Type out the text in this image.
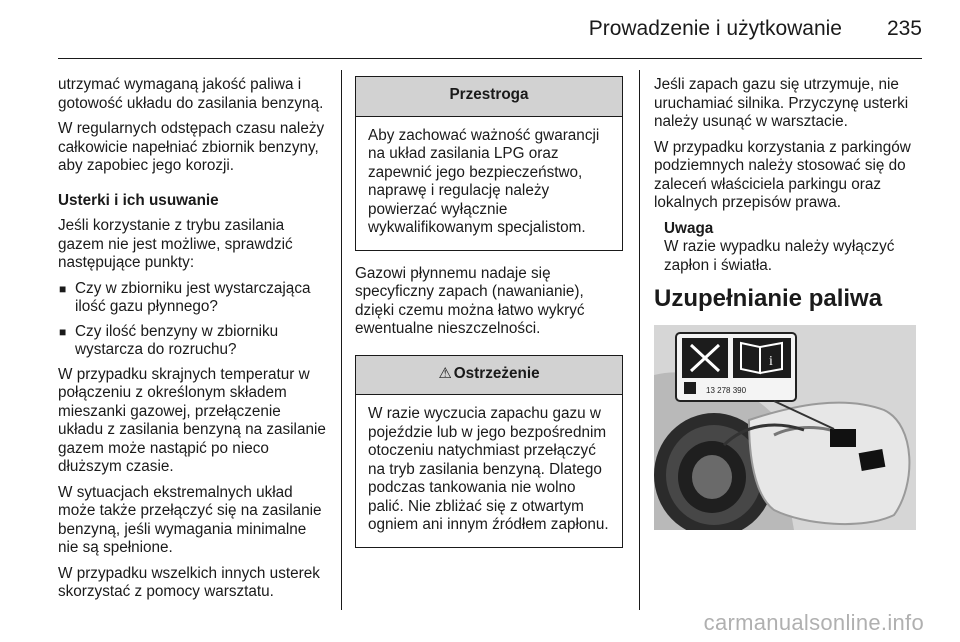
Prowadzenie i użytkowanie 235

utrzymać wymaganą jakość paliwa i gotowość układu do zasilania benzyną.

W regularnych odstępach czasu należy całkowicie napełniać zbiornik benzyny, aby zapobiec jego korozji.

Usterki i ich usuwanie

Jeśli korzystanie z trybu zasilania gazem nie jest możliwe, sprawdzić następujące punkty:

■ Czy w zbiorniku jest wystarczająca ilość gazu płynnego?
■ Czy ilość benzyny w zbiorniku wystarcza do rozruchu?

W przypadku skrajnych temperatur w połączeniu z określonym składem mieszanki gazowej, przełączenie układu z zasilania benzyną na zasilanie gazem może nastąpić po nieco dłuższym czasie.

W sytuacjach ekstremalnych układ może także przełączyć się na zasilanie benzyną, jeśli wymagania minimalne nie są spełnione.

W przypadku wszelkich innych usterek skorzystać z pomocy warsztatu.

Przestroga
Aby zachować ważność gwarancji na układ zasilania LPG oraz zapewnić jego bezpieczeństwo, naprawę i regulację należy powierzać wyłącznie wykwalifikowanym specjalistom.

Gazowi płynnemu nadaje się specyficzny zapach (nawanianie), dzięki czemu można łatwo wykryć ewentualne nieszczelności.

⚠ Ostrzeżenie
W razie wyczucia zapachu gazu w pojeździe lub w jego bezpośrednim otoczeniu natychmiast przełączyć na tryb zasilania benzyną. Dlatego podczas tankowania nie wolno palić. Nie zbliżać się z otwartym ogniem ani innym źródłem zapłonu.

Jeśli zapach gazu się utrzymuje, nie uruchamiać silnika. Przyczynę usterki należy usunąć w warsztacie.

W przypadku korzystania z parkingów podziemnych należy stosować się do zaleceń właściciela parkingu oraz lokalnych przepisów prawa.

Uwaga
W razie wypadku należy wyłączyć zapłon i światła.
Uzupełnianie paliwa
i
13 278 390
carmanualsonline.info
